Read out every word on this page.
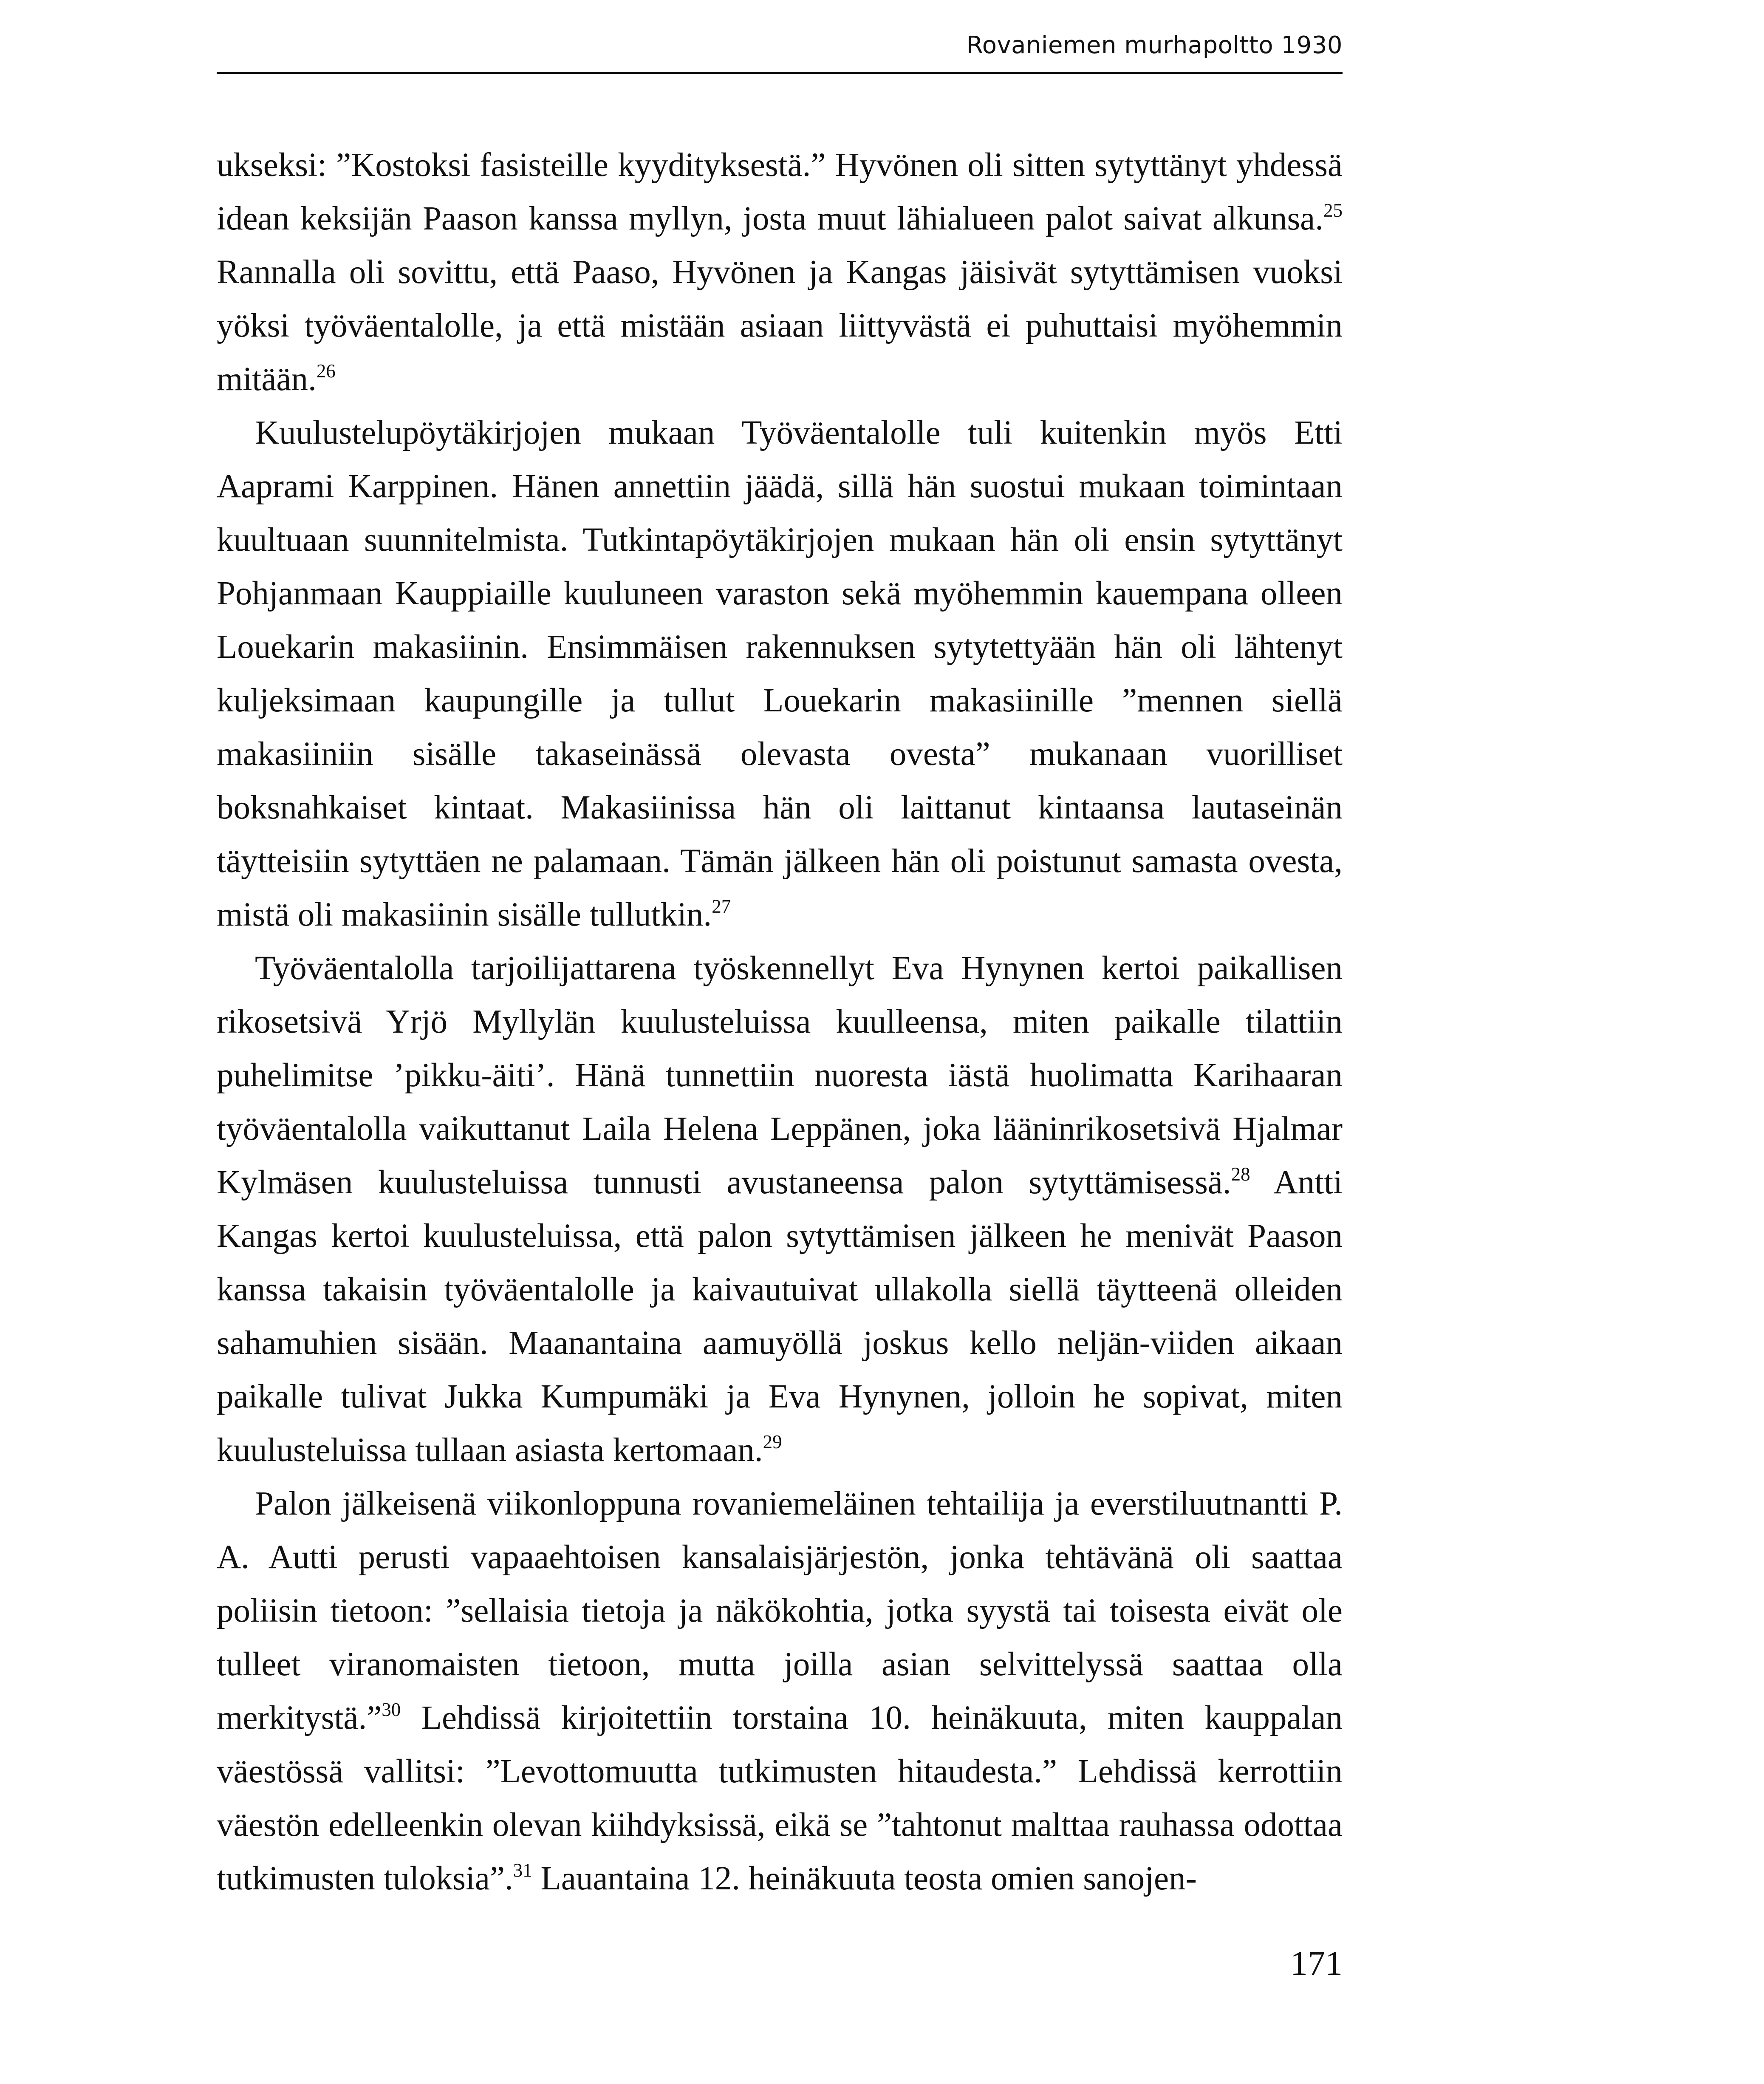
Rovaniemen murhapoltto 1930

ukseksi: ”Kostoksi fasisteille kyydityksestä.” Hyvönen oli sitten sytyttänyt yhdessä idean keksijän Paason kanssa myllyn, josta muut lähialueen palot saivat alkunsa.$^{25}$ Rannalla oli sovittu, että Paaso, Hyvönen ja Kangas jäisivät sytyttämisen vuoksi yöksi työväentalolle, ja että mistään asiaan liittyvästä ei puhuttaisi myöhemmin mitään.$^{26}$

Kuulustelupöytäkirjojen mukaan Työväentalolle tuli kuitenkin myös Etti Aaprami Karppinen. Hänen annettiin jäädä, sillä hän suostui mukaan toimintaan kuultuaan suunnitelmista. Tutkintapöytäkirjojen mukaan hän oli ensin sytyttänyt Pohjanmaan Kauppiaille kuuluneen varaston sekä myöhemmin kauempana olleen Louekarin makasiinin. Ensimmäisen rakennuksen sytytettyään hän oli lähtenyt kuljeksimaan kaupungille ja tullut Louekarin makasiinille ”mennen siellä makasiiniin sisälle takaseinässä olevasta ovesta” mukanaan vuorilliset boksnahkaiset kintaat. Makasiinissa hän oli laittanut kintaansa lautaseinän täytteisiin sytyttäen ne palamaan. Tämän jälkeen hän oli poistunut samasta ovesta, mistä oli makasiinin sisälle tullutkin.$^{27}$

Työväentalolla tarjoilijattarena työskennellyt Eva Hynynen kertoi paikallisen rikosetsivä Yrjö Myllylän kuulusteluissa kuulleensa, miten paikalle tilattiin puhelimitse ’pikku-äiti’. Hänä tunnettiin nuoresta iästä huolimatta Karihaaran työväentalolla vaikuttanut Laila Helena Leppänen, joka lääninrikosetsivä Hjalmar Kylmäsen kuulusteluissa tunnusti avustaneensa palon sytyttämisessä.$^{28}$ Antti Kangas kertoi kuulusteluissa, että palon sytyttämisen jälkeen he menivät Paason kanssa takaisin työväentalolle ja kaivautuivat ullakolla siellä täytteenä olleiden sahamuhien sisään. Maanantaina aamuyöllä joskus kello neljän-viiden aikaan paikalle tulivat Jukka Kumpumäki ja Eva Hynynen, jolloin he sopivat, miten kuulusteluissa tullaan asiasta kertomaan.$^{29}$

Palon jälkeisenä viikonloppuna rovaniemeläinen tehtailija ja everstiluutnantti P. A. Autti perusti vapaaehtoisen kansalaisjärjestön, jonka tehtävänä oli saattaa poliisin tietoon: ”sellaisia tietoja ja näkökohtia, jotka syystä tai toisesta eivät ole tulleet viranomaisten tietoon, mutta joilla asian selvittelyssä saattaa olla merkitystä.”$^{30}$ Lehdissä kirjoitettiin torstaina 10. heinäkuuta, miten kauppalan väestössä vallitsi: ”Levottomuutta tutkimusten hitaudesta.” Lehdissä kerrottiin väestön edelleenkin olevan kiihdyksissä, eikä se ”tahtonut malttaa rauhassa odottaa tutkimusten tuloksia”.$^{31}$ Lauantaina 12. heinäkuuta teosta omien sanojen-

171
